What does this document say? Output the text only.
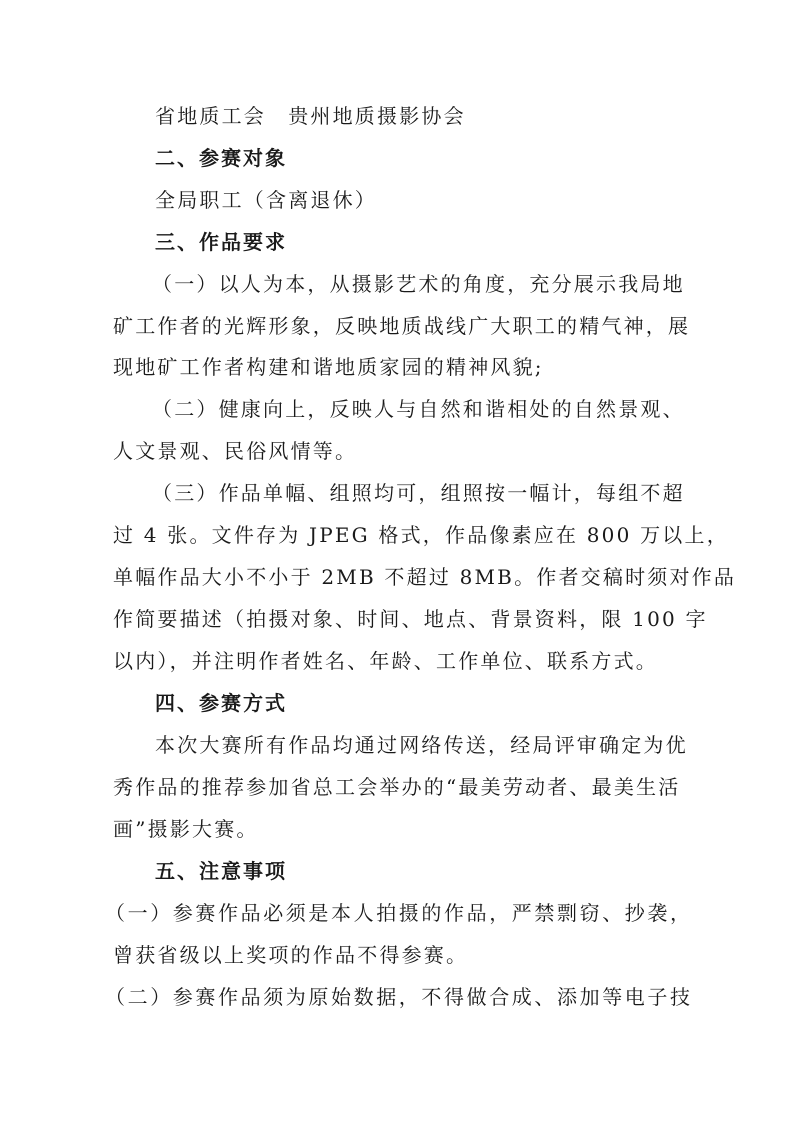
省地质工会　贵州地质摄影协会

二、参赛对象

全局职工（含离退休）

三、作品要求

（一）以人为本，从摄影艺术的角度，充分展示我局地

矿工作者的光辉形象，反映地质战线广大职工的精气神，展

现地矿工作者构建和谐地质家园的精神风貌;

（二）健康向上，反映人与自然和谐相处的自然景观、

人文景观、民俗风情等。

（三）作品单幅、组照均可，组照按一幅计，每组不超

过 4 张。文件存为 JPEG 格式，作品像素应在 800 万以上，

单幅作品大小不小于 2MB 不超过 8MB。作者交稿时须对作品

作简要描述（拍摄对象、时间、地点、背景资料，限 100 字

以内），并注明作者姓名、年龄、工作单位、联系方式。

四、参赛方式

本次大赛所有作品均通过网络传送，经局评审确定为优

秀作品的推荐参加省总工会举办的“最美劳动者、最美生活

画”摄影大赛。

五、注意事项

（一）参赛作品必须是本人拍摄的作品，严禁剽窃、抄袭，

曾获省级以上奖项的作品不得参赛。

（二）参赛作品须为原始数据，不得做合成、添加等电子技
